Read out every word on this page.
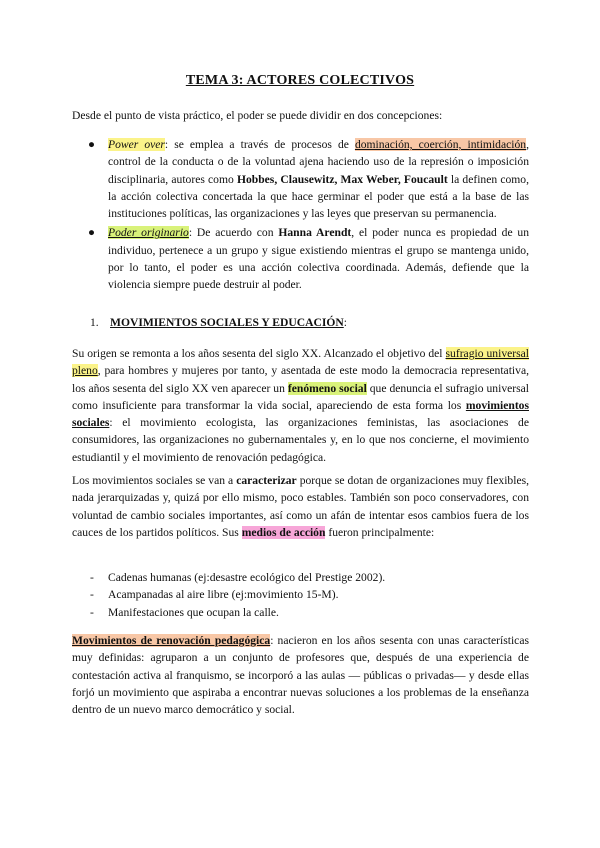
TEMA 3: ACTORES COLECTIVOS
Desde el punto de vista práctico, el poder se puede dividir en dos concepciones:
● Power over: se emplea a través de procesos de dominación, coerción, intimidación, control de la conducta o de la voluntad ajena haciendo uso de la represión o imposición disciplinaria, autores como Hobbes, Clausewitz, Max Weber, Foucault la definen como, la acción colectiva concertada la que hace germinar el poder que está a la base de las instituciones políticas, las organizaciones y las leyes que preservan su permanencia.
● Poder originario: De acuerdo con Hanna Arendt, el poder nunca es propiedad de un individuo, pertenece a un grupo y sigue existiendo mientras el grupo se mantenga unido, por lo tanto, el poder es una acción colectiva coordinada. Además, defiende que la violencia siempre puede destruir al poder.
1. MOVIMIENTOS SOCIALES Y EDUCACIÓN:
Su origen se remonta a los años sesenta del siglo XX. Alcanzado el objetivo del sufragio universal pleno, para hombres y mujeres por tanto, y asentada de este modo la democracia representativa, los años sesenta del siglo XX ven aparecer un fenómeno social que denuncia el sufragio universal como insuficiente para transformar la vida social, apareciendo de esta forma los movimientos sociales: el movimiento ecologista, las organizaciones feministas, las asociaciones de consumidores, las organizaciones no gubernamentales y, en lo que nos concierne, el movimiento estudiantil y el movimiento de renovación pedagógica.
Los movimientos sociales se van a caracterizar porque se dotan de organizaciones muy flexibles, nada jerarquizadas y, quizá por ello mismo, poco estables. También son poco conservadores, con voluntad de cambio sociales importantes, así como un afán de intentar esos cambios fuera de los cauces de los partidos políticos. Sus medios de acción fueron principalmente:
- Cadenas humanas (ej:desastre ecológico del Prestige 2002).
- Acampanadas al aire libre (ej:movimiento 15-M).
- Manifestaciones que ocupan la calle.
Movimientos de renovación pedagógica: nacieron en los años sesenta con unas características muy definidas: agruparon a un conjunto de profesores que, después de una experiencia de contestación activa al franquismo, se incorporó a las aulas — públicas o privadas— y desde ellas forjó un movimiento que aspiraba a encontrar nuevas soluciones a los problemas de la enseñanza dentro de un nuevo marco democrático y social.
